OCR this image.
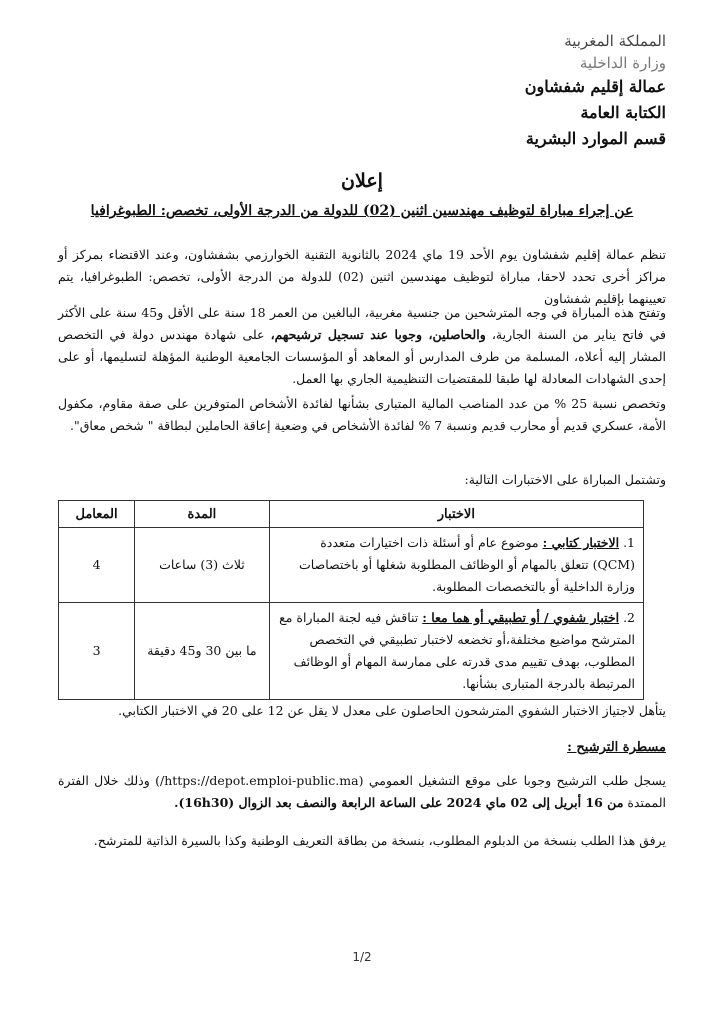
المملكة المغربية
وزارة الداخلية
عمالة إقليم شفشاون
الكتابة العامة
قسم الموارد البشرية
إعلان
عن إجراء مباراة لتوظيف مهندسين اثنين (02) للدولة من الدرجة الأولى، تخصص: الطبوغرافيا
تنظم عمالة إقليم شفشاون يوم الأحد 19 ماي 2024 بالثانوية التقنية الخوارزمي بشفشاون، وعند الاقتضاء بمركز أو مراكز أخرى تحدد لاحقا، مباراة لتوظيف مهندسين اثنين (02) للدولة من الدرجة الأولى، تخصص: الطبوغرافيا، يتم تعيينهما بإقليم شفشاون
وتفتح هذه المباراة في وجه المترشحين من جنسية مغربية، البالغين من العمر 18 سنة على الأقل و45 سنة على الأكثر في فاتح يناير من السنة الجارية، والحاصلين، وجوبا عند تسجيل ترشيحهم، على شهادة مهندس دولة في التخصص المشار إليه أعلاه، المسلمة من طرف المدارس أو المعاهد أو المؤسسات الجامعية الوطنية المؤهلة لتسليمها، أو على إحدى الشهادات المعادلة لها طبقا للمقتضيات التنظيمية الجاري بها العمل.
وتخصص نسبة 25 % من عدد المناصب المالية المتبارى بشأنها لفائدة الأشخاص المتوفرين على صفة مقاوم، مكفول الأمة، عسكري قديم أو محارب قديم ونسبة 7 % لفائدة الأشخاص في وضعية إعاقة الحاملين لبطاقة " شخص معاق".
وتشتمل المباراة على الاختبارات التالية:
الاختبار	المدة	المعامل
1. الاختبار كتابي : موضوع عام أو أسئلة ذات اختيارات متعددة (QCM) تتعلق بالمهام أو الوظائف المطلوبة شغلها أو باختصاصات وزارة الداخلية أو بالتخصصات المطلوبة.	ثلاث (3) ساعات	4
2. اختبار شفوي / أو تطبيقي أو هما معا : تناقش فيه لجنة المباراة مع المترشح مواضيع مختلفة،أو تخضعه لاختبار تطبيقي في التخصص المطلوب، بهدف تقييم مدى قدرته على ممارسة المهام أو الوظائف المرتبطة بالدرجة المتبارى بشأنها.	ما بين 30 و45 دقيقة	3
يتأهل لاجتياز الاختبار الشفوي المترشحون الحاصلون على معدل لا يقل عن 12 على 20 في الاختبار الكتابي.
مسطرة الترشيح :
يسجل طلب الترشيح وجوبا على موقع التشغيل العمومي (https://depot.emploi-public.ma/) وذلك خلال الفترة الممتدة من 16 أبريل إلى 02 ماي 2024 على الساعة الرابعة والنصف بعد الزوال (16h30).
يرفق هذا الطلب بنسخة من الدبلوم المطلوب، بنسخة من بطاقة التعريف الوطنية وكذا بالسيرة الذاتية للمترشح.
1/2
